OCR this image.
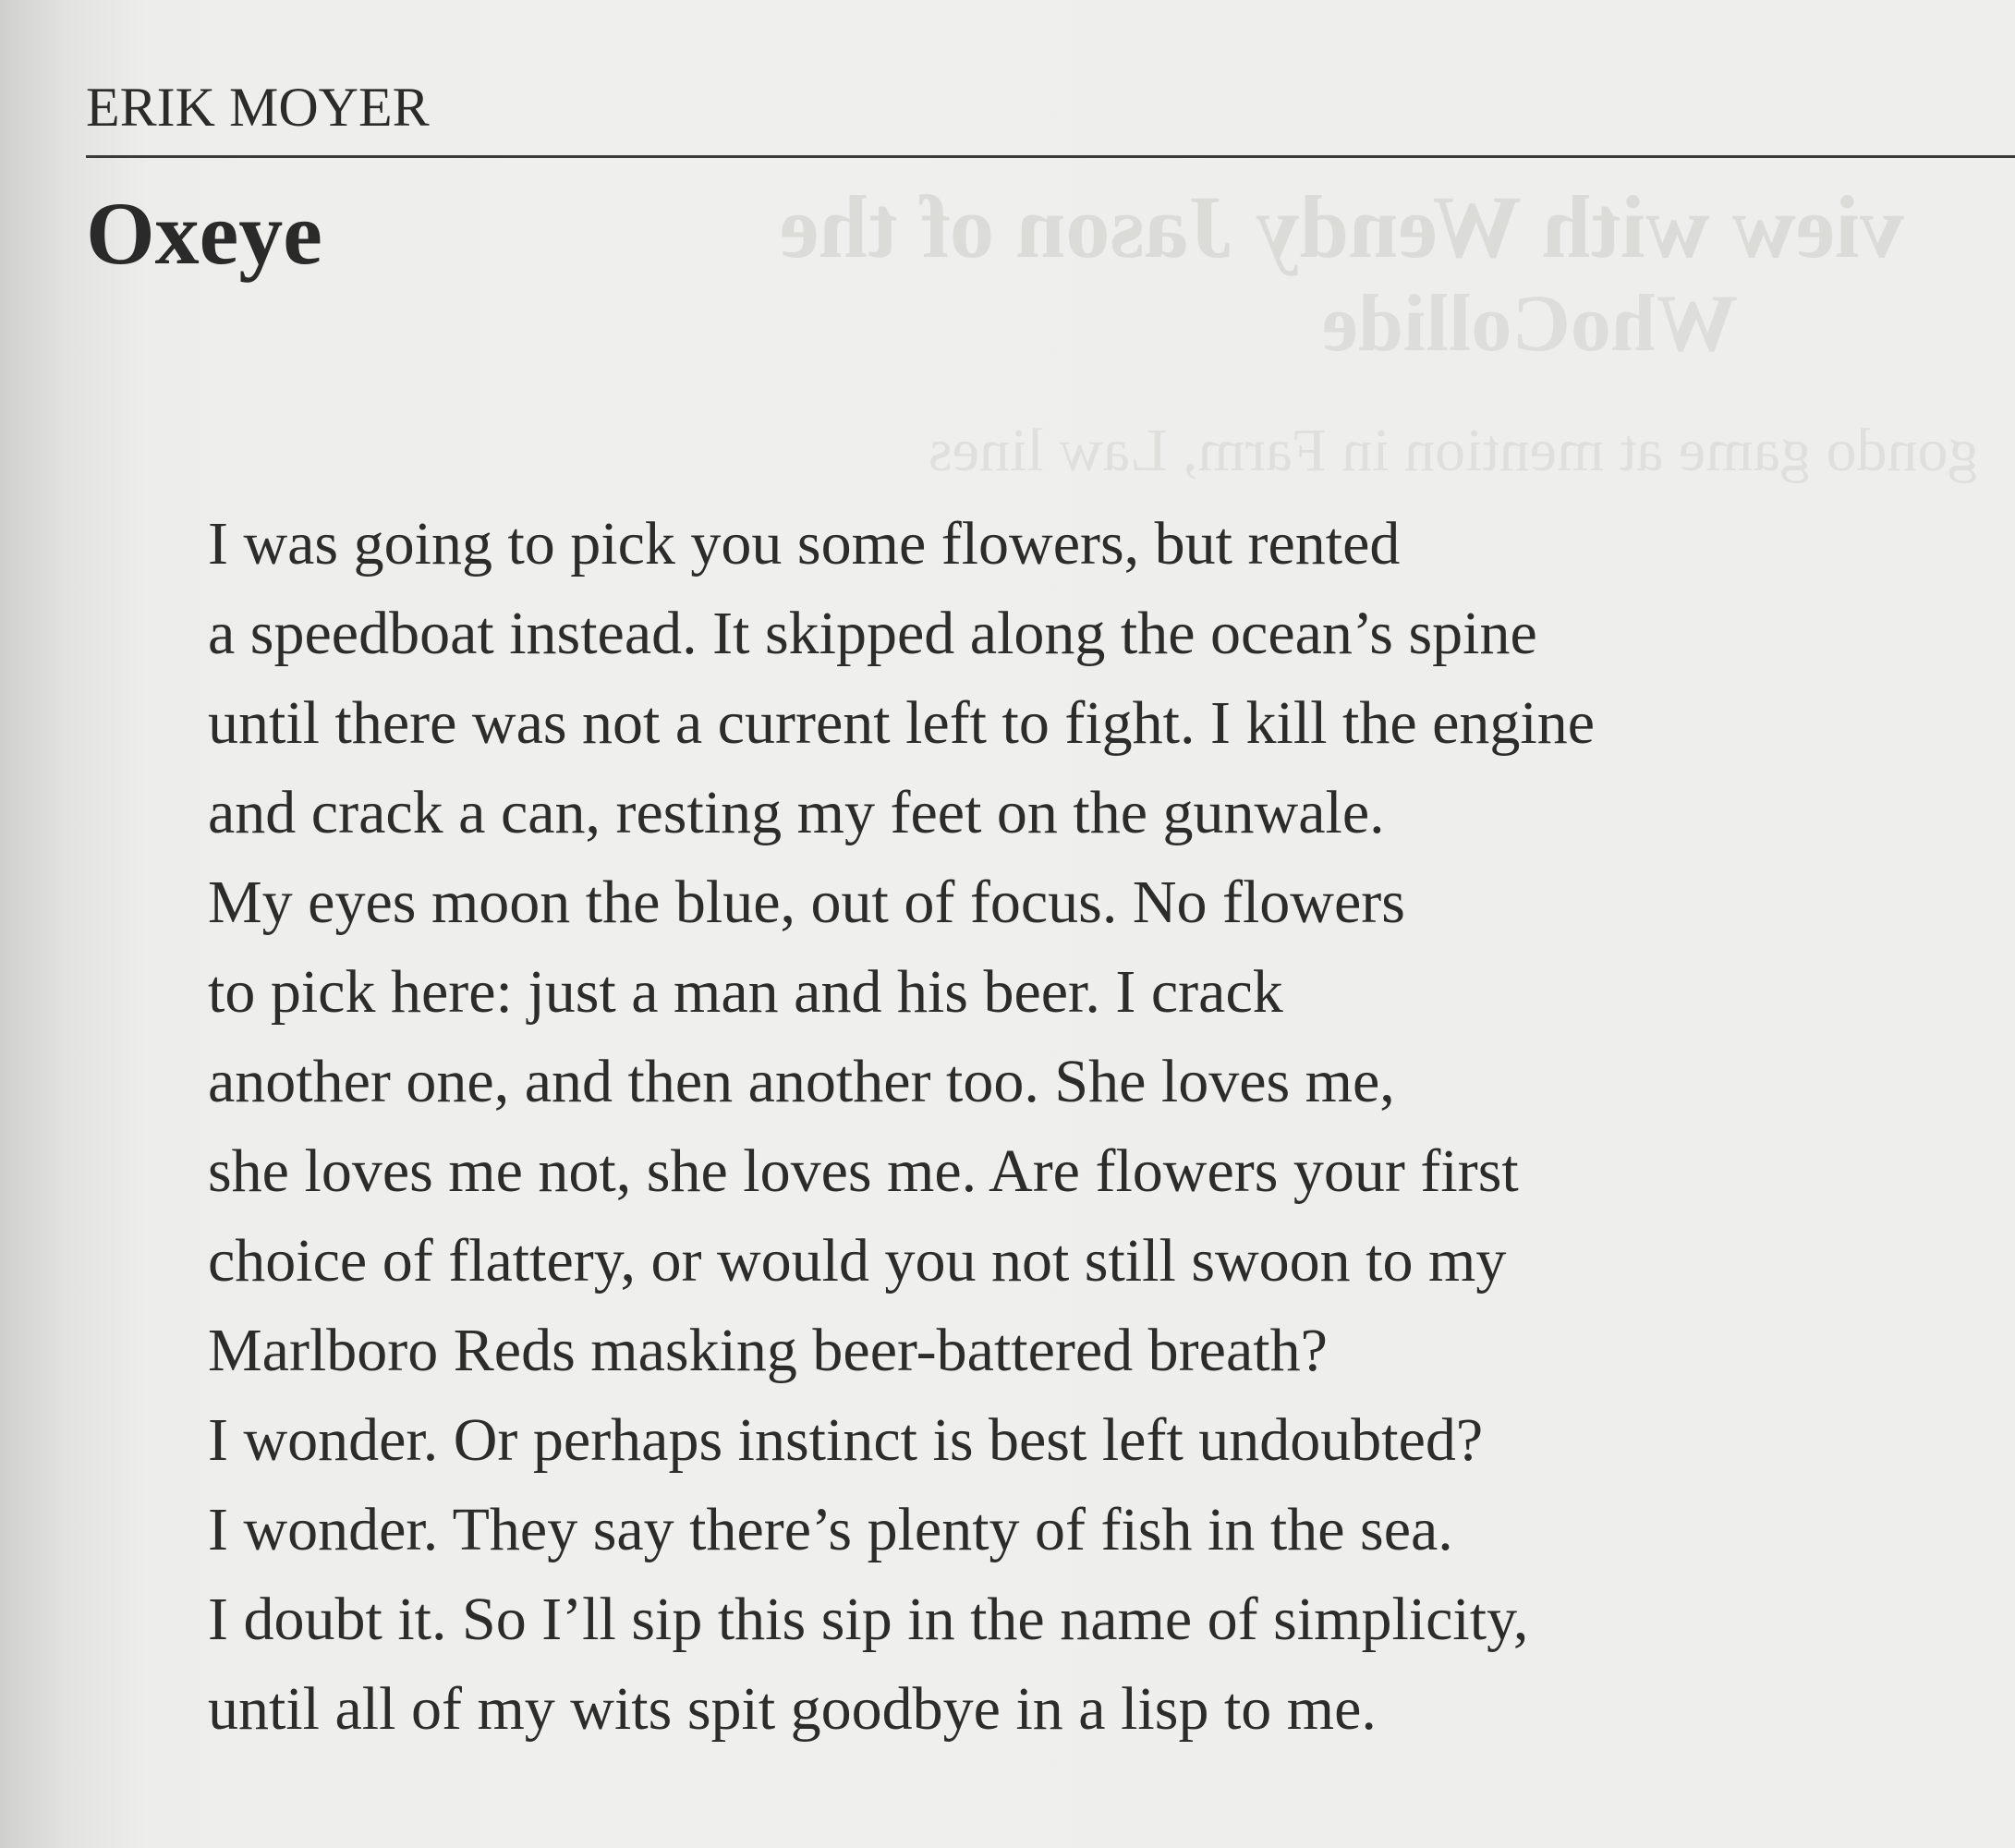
view with Wendy Jason of the
WhoCollide
gondo game at mention in Farm, Law lines
ERIK MOYER
Oxeye
I was going to pick you some flowers, but rented
a speedboat instead. It skipped along the ocean’s spine
until there was not a current left to fight. I kill the engine
and crack a can, resting my feet on the gunwale.
My eyes moon the blue, out of focus. No flowers
to pick here: just a man and his beer. I crack
another one, and then another too. She loves me,
she loves me not, she loves me. Are flowers your first
choice of flattery, or would you not still swoon to my
Marlboro Reds masking beer-battered breath?
I wonder. Or perhaps instinct is best left undoubted?
I wonder. They say there’s plenty of fish in the sea.
I doubt it. So I’ll sip this sip in the name of simplicity,
until all of my wits spit goodbye in a lisp to me.
